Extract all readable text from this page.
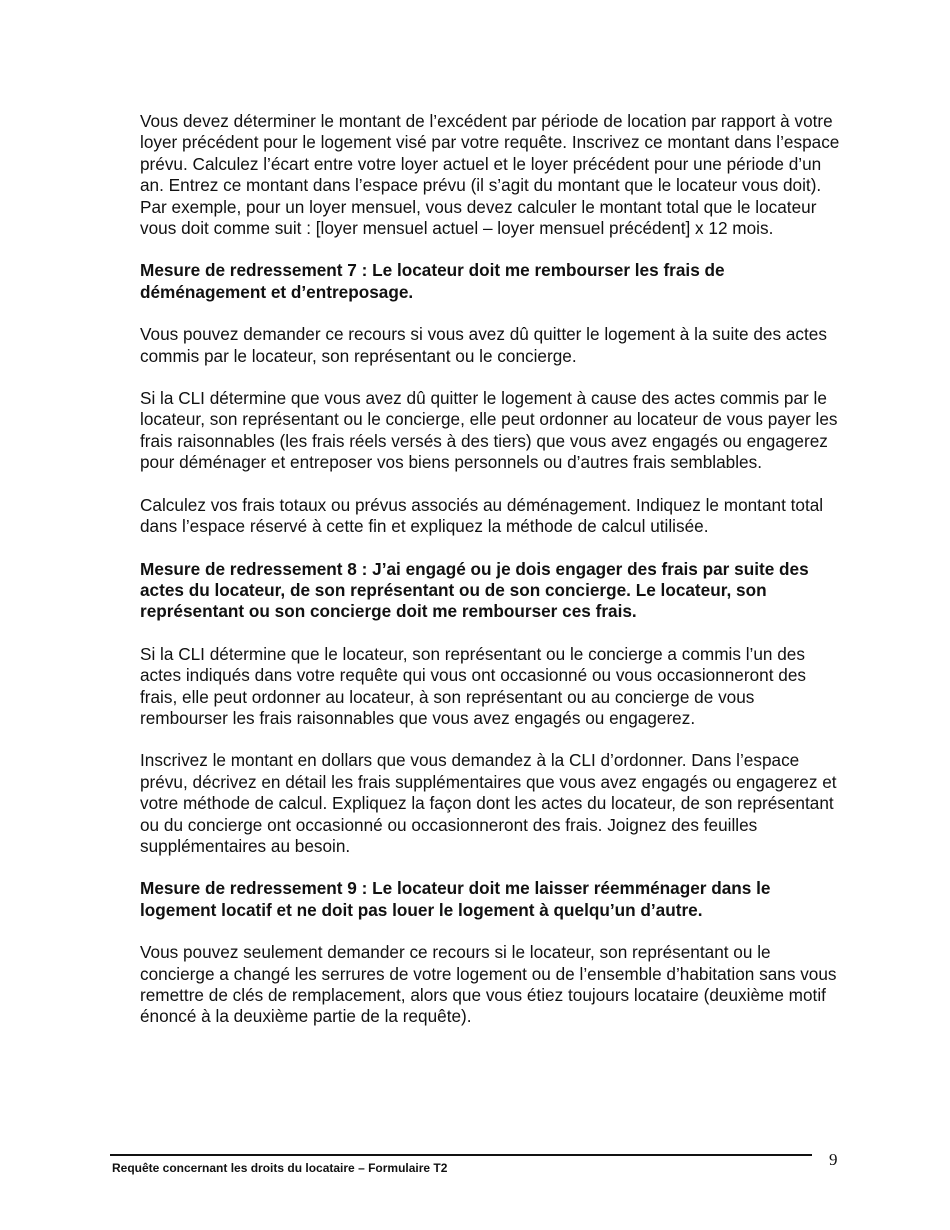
Vous devez déterminer le montant de l’excédent par période de location par rapport à votre loyer précédent pour le logement visé par votre requête. Inscrivez ce montant dans l’espace prévu. Calculez l’écart entre votre loyer actuel et le loyer précédent pour une période d’un an. Entrez ce montant dans l’espace prévu (il s’agit du montant que le locateur vous doit). Par exemple, pour un loyer mensuel, vous devez calculer le montant total que le locateur vous doit comme suit : [loyer mensuel actuel – loyer mensuel précédent] x 12 mois.

Mesure de redressement 7 : Le locateur doit me rembourser les frais de déménagement et d’entreposage.

Vous pouvez demander ce recours si vous avez dû quitter le logement à la suite des actes commis par le locateur, son représentant ou le concierge.

Si la CLI détermine que vous avez dû quitter le logement à cause des actes commis par le locateur, son représentant ou le concierge, elle peut ordonner au locateur de vous payer les frais raisonnables (les frais réels versés à des tiers) que vous avez engagés ou engagerez pour déménager et entreposer vos biens personnels ou d’autres frais semblables.

Calculez vos frais totaux ou prévus associés au déménagement. Indiquez le montant total dans l’espace réservé à cette fin et expliquez la méthode de calcul utilisée.

Mesure de redressement 8 : J’ai engagé ou je dois engager des frais par suite des actes du locateur, de son représentant ou de son concierge. Le locateur, son représentant ou son concierge doit me rembourser ces frais.

Si la CLI détermine que le locateur, son représentant ou le concierge a commis l’un des actes indiqués dans votre requête qui vous ont occasionné ou vous occasionneront des frais, elle peut ordonner au locateur, à son représentant ou au concierge de vous rembourser les frais raisonnables que vous avez engagés ou engagerez.

Inscrivez le montant en dollars que vous demandez à la CLI d’ordonner. Dans l’espace prévu, décrivez en détail les frais supplémentaires que vous avez engagés ou engagerez et votre méthode de calcul. Expliquez la façon dont les actes du locateur, de son représentant ou du concierge ont occasionné ou occasionneront des frais. Joignez des feuilles supplémentaires au besoin.

Mesure de redressement 9 : Le locateur doit me laisser réemménager dans le logement locatif et ne doit pas louer le logement à quelqu’un d’autre.

Vous pouvez seulement demander ce recours si le locateur, son représentant ou le concierge a changé les serrures de votre logement ou de l’ensemble d’habitation sans vous remettre de clés de remplacement, alors que vous étiez toujours locataire (deuxième motif énoncé à la deuxième partie de la requête).

Requête concernant les droits du locataire – Formulaire T2	9
